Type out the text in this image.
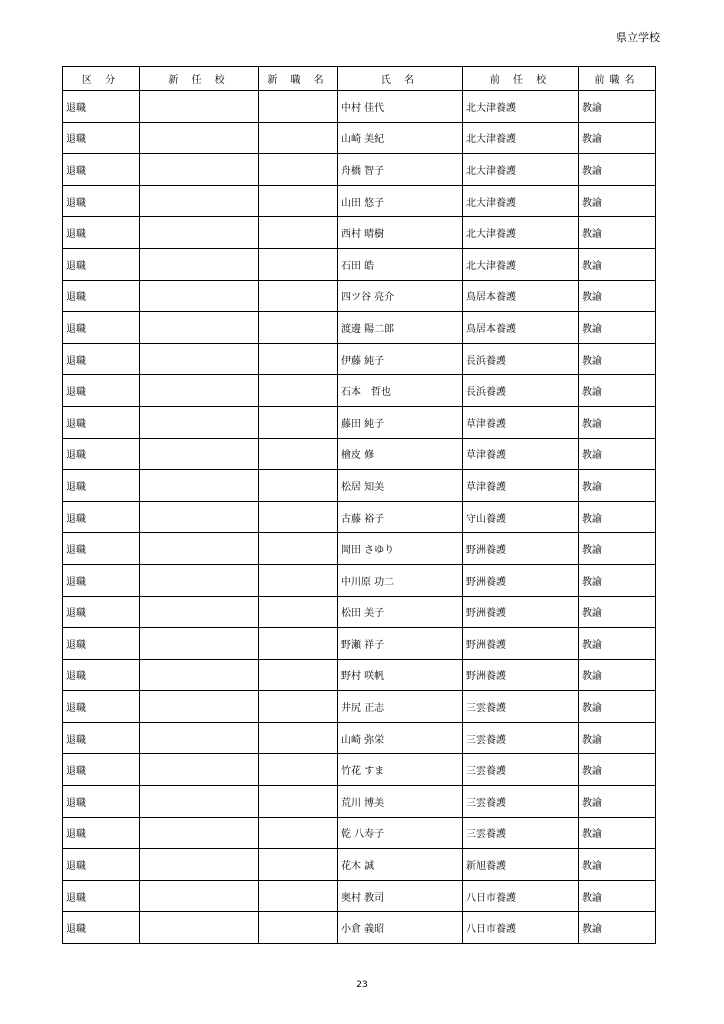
県立学校
区 分	新 任 校	新 職 名	氏 名	前 任 校	前職名
退職			中村 佳代	北大津養護	教諭
退職			山崎 美紀	北大津養護	教諭
退職			舟橋 智子	北大津養護	教諭
退職			山田 悠子	北大津養護	教諭
退職			西村 晴樹	北大津養護	教諭
退職			石田 皓	北大津養護	教諭
退職			四ツ谷 亮介	鳥居本養護	教諭
退職			渡邊 陽二郎	鳥居本養護	教諭
退職			伊藤 純子	長浜養護	教諭
退職			石本　哲也	長浜養護	教諭
退職			藤田 純子	草津養護	教諭
退職			檜皮 修	草津養護	教諭
退職			松居 知美	草津養護	教諭
退職			古藤 裕子	守山養護	教諭
退職			岡田 さゆり	野洲養護	教諭
退職			中川原 功二	野洲養護	教諭
退職			松田 美子	野洲養護	教諭
退職			野瀬 祥子	野洲養護	教諭
退職			野村 咲帆	野洲養護	教諭
退職			井尻 正志	三雲養護	教諭
退職			山崎 弥栄	三雲養護	教諭
退職			竹花 すま	三雲養護	教諭
退職			荒川 博美	三雲養護	教諭
退職			乾 八寿子	三雲養護	教諭
退職			花木 誠	新旭養護	教諭
退職			奥村 教司	八日市養護	教諭
退職			小倉 義昭	八日市養護	教諭
23
